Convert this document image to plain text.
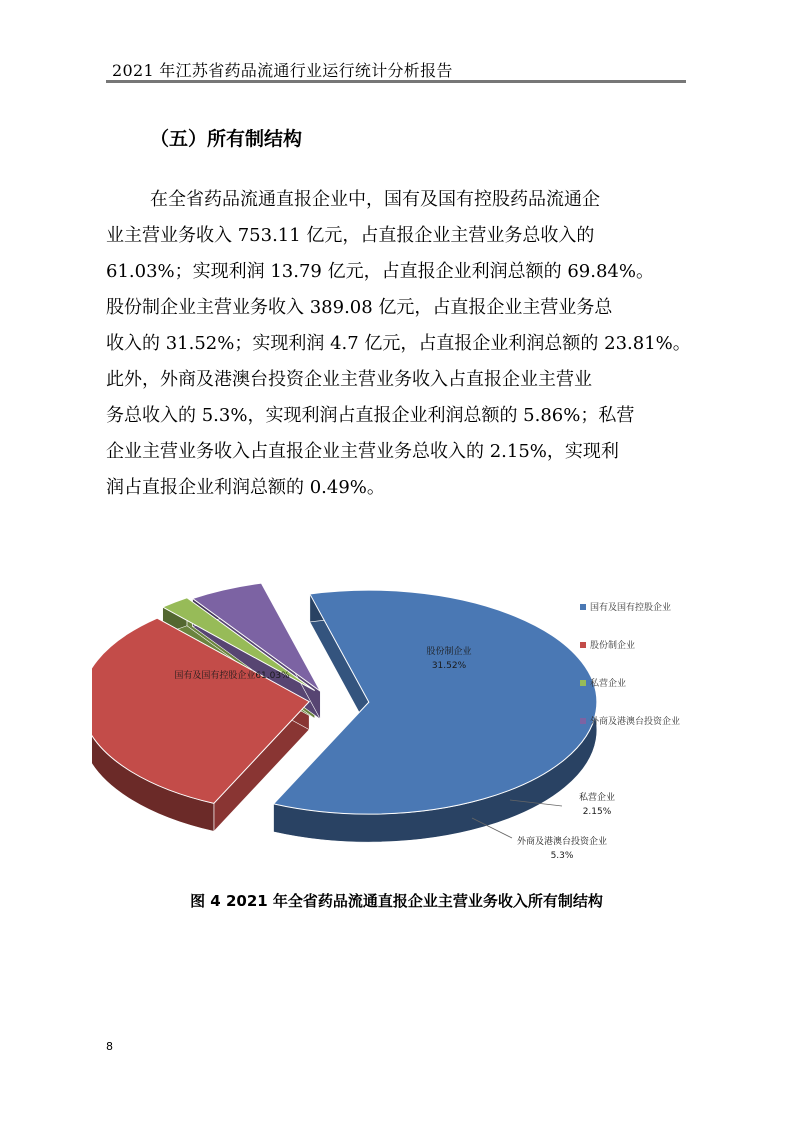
2021 年江苏省药品流通行业运行统计分析报告
（五）所有制结构

在全省药品流通直报企业中，国有及国有控股药品流通企

业主营业务收入 753.11 亿元，占直报企业主营业务总收入的

61.03%；实现利润 13.79 亿元，占直报企业利润总额的 69.84%。

股份制企业主营业务收入 389.08 亿元，占直报企业主营业务总

收入的 31.52%；实现利润 4.7 亿元，占直报企业利润总额的 23.81%。

此外，外商及港澳台投资企业主营业务收入占直报企业主营业

务总收入的 5.3%，实现利润占直报企业利润总额的 5.86%；私营

企业主营业务收入占直报企业主营业务总收入的 2.15%，实现利

润占直报企业利润总额的 0.49%。

国有及国有控股企业61.03%
股份制企业
31.52%
私营企业
2.15%
外商及港澳台投资企业
5.3%
国有及国有控股企业
股份制企业
私营企业
外商及港澳台投资企业
图 4 2021 年全省药品流通直报企业主营业务收入所有制结构
8
